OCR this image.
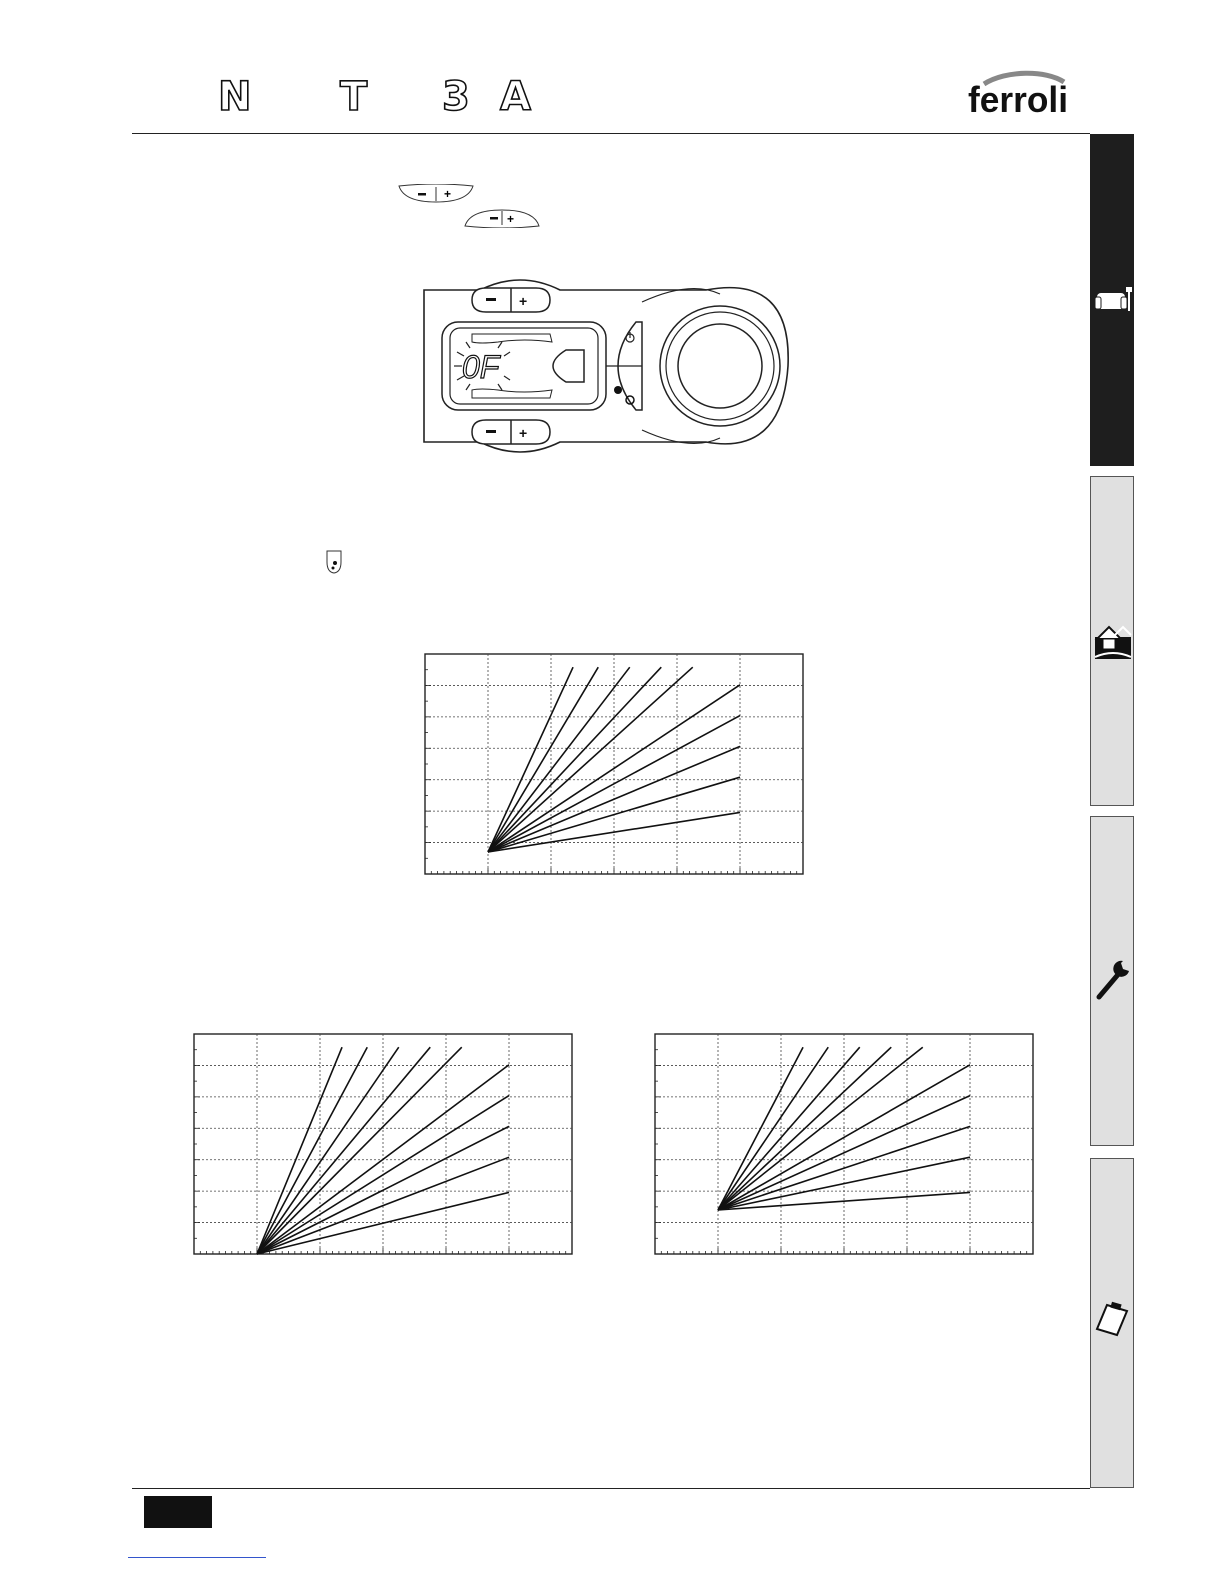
N T 3 A	ferroli
+
+
+
+
0F
